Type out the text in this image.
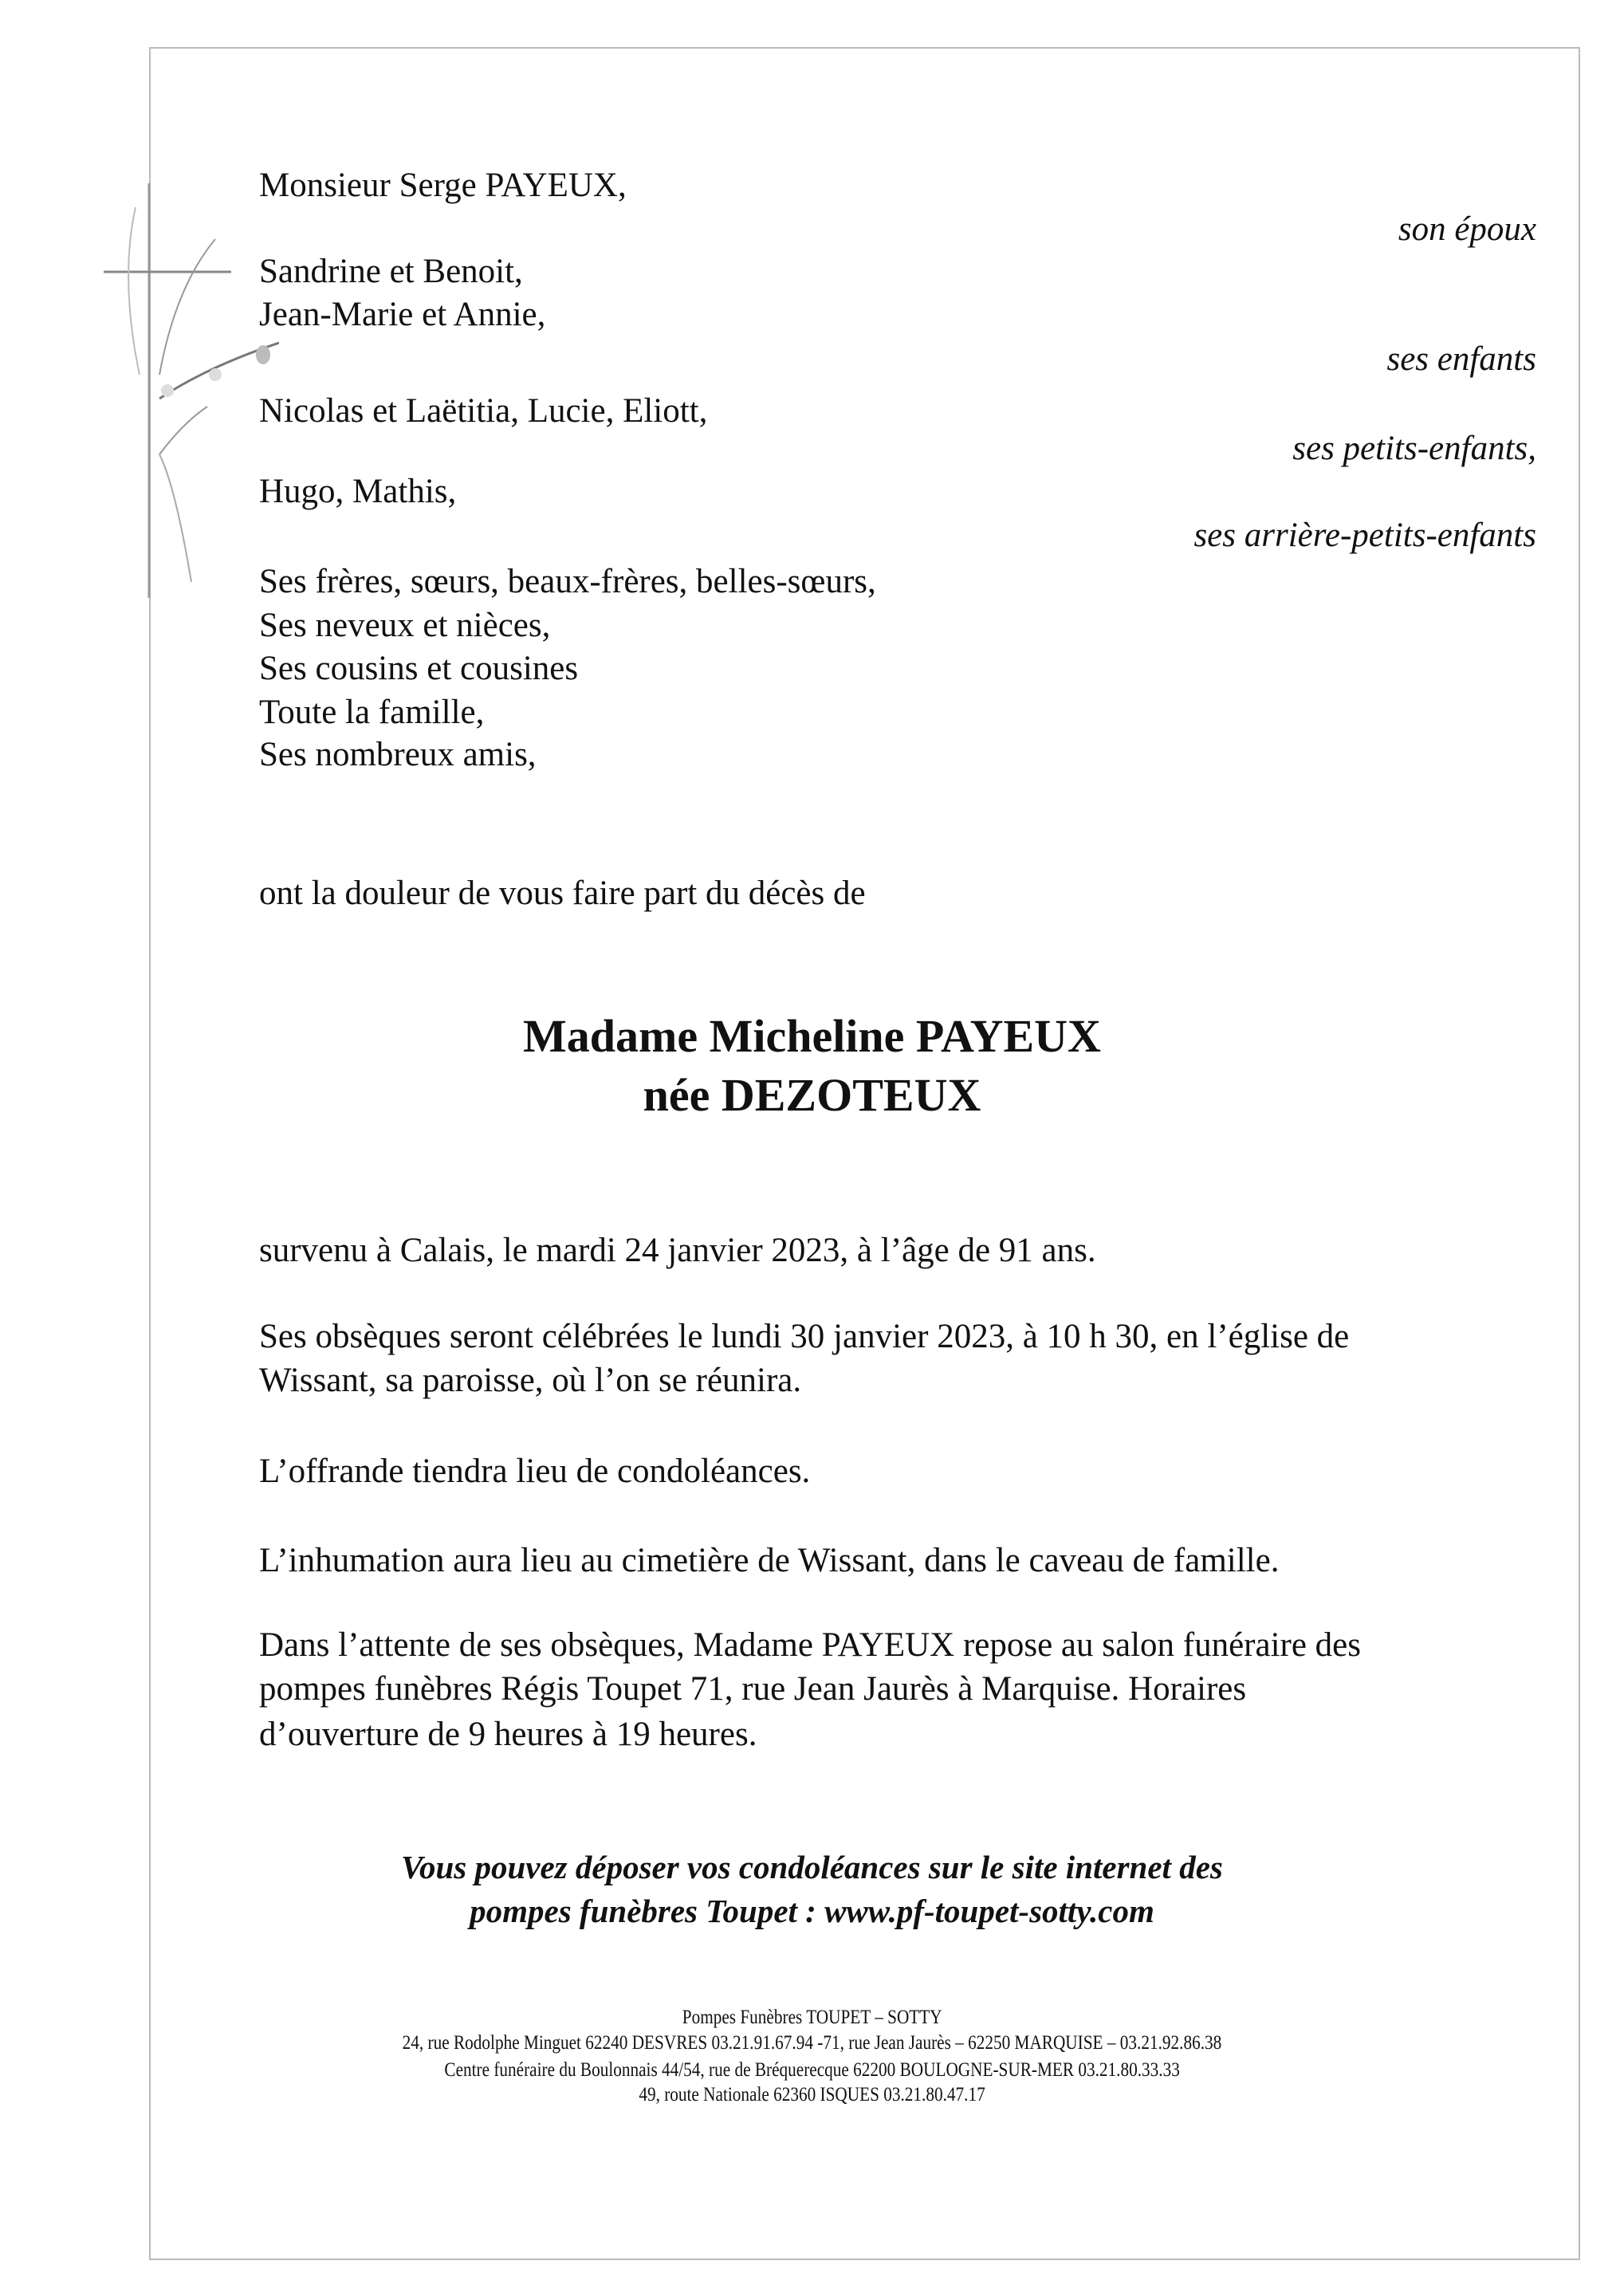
Monsieur Serge PAYEUX,
Sandrine et Benoit,
Jean-Marie et Annie,
Nicolas et Laëtitia, Lucie, Eliott,
Hugo, Mathis,
Ses frères, sœurs, beaux-frères, belles-sœurs,
Ses neveux et nièces,
Ses cousins et cousines
Toute la famille,
Ses nombreux amis,
son époux
ses enfants
ses petits-enfants,
ses arrière-petits-enfants
ont la douleur de vous faire part du décès de
Madame Micheline PAYEUX
née DEZOTEUX
survenu à Calais, le mardi 24 janvier 2023, à l’âge de 91 ans.
Ses obsèques seront célébrées le lundi 30 janvier 2023, à 10 h 30, en l’église de
Wissant, sa paroisse, où l’on se réunira.
L’offrande tiendra lieu de condoléances.
L’inhumation aura lieu au cimetière de Wissant, dans le caveau de famille.
Dans l’attente de ses obsèques, Madame PAYEUX repose au salon funéraire des
pompes funèbres Régis Toupet 71, rue Jean Jaurès à Marquise. Horaires
d’ouverture de 9 heures à 19 heures.
Vous pouvez déposer vos condoléances sur le site internet des
pompes funèbres Toupet : www.pf-toupet-sotty.com
Pompes Funèbres TOUPET – SOTTY
24, rue Rodolphe Minguet 62240 DESVRES 03.21.91.67.94 -71, rue Jean Jaurès – 62250 MARQUISE – 03.21.92.86.38
Centre funéraire du Boulonnais 44/54, rue de Bréquerecque 62200 BOULOGNE-SUR-MER 03.21.80.33.33
49, route Nationale 62360 ISQUES 03.21.80.47.17
